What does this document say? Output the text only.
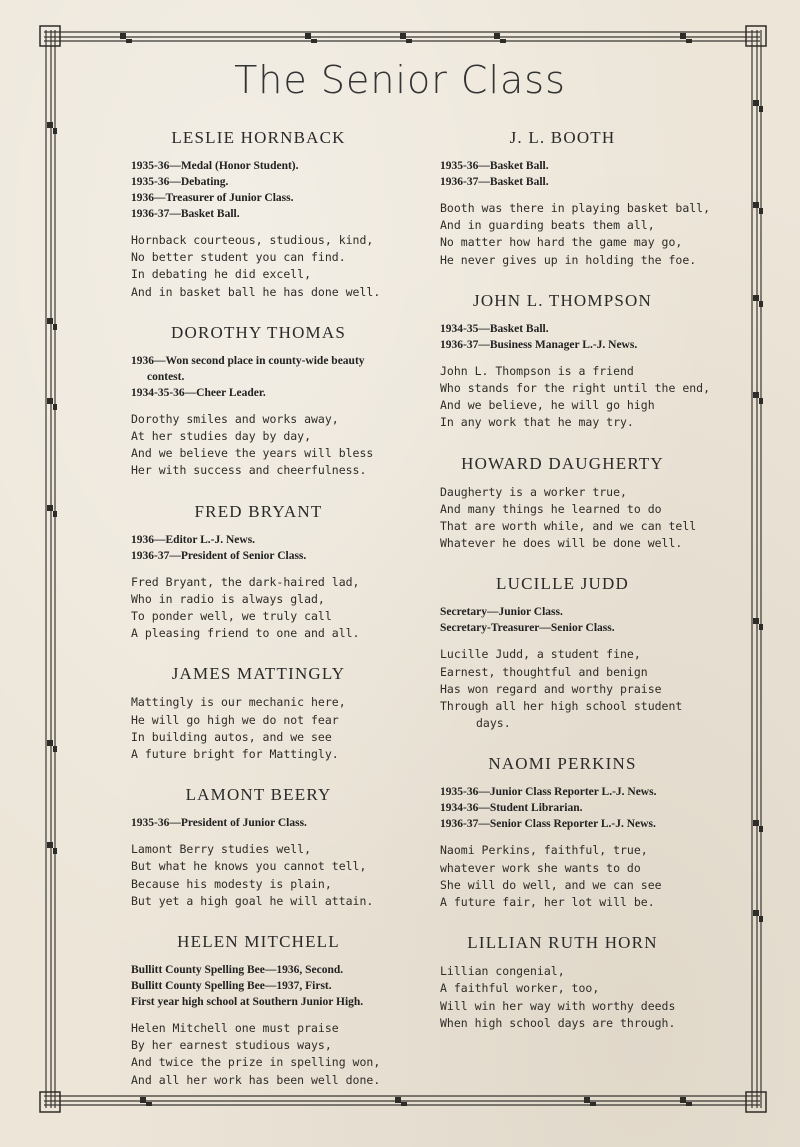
The Senior Class
LESLIE HORNBACK
1935-36—Medal (Honor Student).
1935-36—Debating.
1936—Treasurer of Junior Class.
1936-37—Basket Ball.
Hornback courteous, studious, kind,
No better student you can find.
In debating he did excell,
And in basket ball he has done well.
DOROTHY THOMAS
1936—Won second place in county-wide beauty contest.
1934-35-36—Cheer Leader.
Dorothy smiles and works away,
At her studies day by day,
And we believe the years will bless
Her with success and cheerfulness.
FRED BRYANT
1936—Editor L.-J. News.
1936-37—President of Senior Class.
Fred Bryant, the dark-haired lad,
Who in radio is always glad,
To ponder well, we truly call
A pleasing friend to one and all.
JAMES MATTINGLY
Mattingly is our mechanic here,
He will go high we do not fear
In building autos, and we see
A future bright for Mattingly.
LAMONT BEERY
1935-36—President of Junior Class.
Lamont Berry studies well,
But what he knows you cannot tell,
Because his modesty is plain,
But yet a high goal he will attain.
HELEN MITCHELL
Bullitt County Spelling Bee—1936, Second.
Bullitt County Spelling Bee—1937, First.
First year high school at Southern Junior High.
Helen Mitchell one must praise
By her earnest studious ways,
And twice the prize in spelling won,
And all her work has been well done.
J. L. BOOTH
1935-36—Basket Ball.
1936-37—Basket Ball.
Booth was there in playing basket ball,
And in guarding beats them all,
No matter how hard the game may go,
He never gives up in holding the foe.
JOHN L. THOMPSON
1934-35—Basket Ball.
1936-37—Business Manager L.-J. News.
John L. Thompson is a friend
Who stands for the right until the end,
And we believe, he will go high
In any work that he may try.
HOWARD DAUGHERTY
Daugherty is a worker true,
And many things he learned to do
That are worth while, and we can tell
Whatever he does will be done well.
LUCILLE JUDD
Secretary—Junior Class.
Secretary-Treasurer—Senior Class.
Lucille Judd, a student fine,
Earnest, thoughtful and benign
Has won regard and worthy praise
Through all her high school student
days.
NAOMI PERKINS
1935-36—Junior Class Reporter L.-J. News.
1934-36—Student Librarian.
1936-37—Senior Class Reporter L.-J. News.
Naomi Perkins, faithful, true,
whatever work she wants to do
She will do well, and we can see
A future fair, her lot will be.
LILLIAN RUTH HORN
Lillian congenial,
A faithful worker, too,
Will win her way with worthy deeds
When high school days are through.
